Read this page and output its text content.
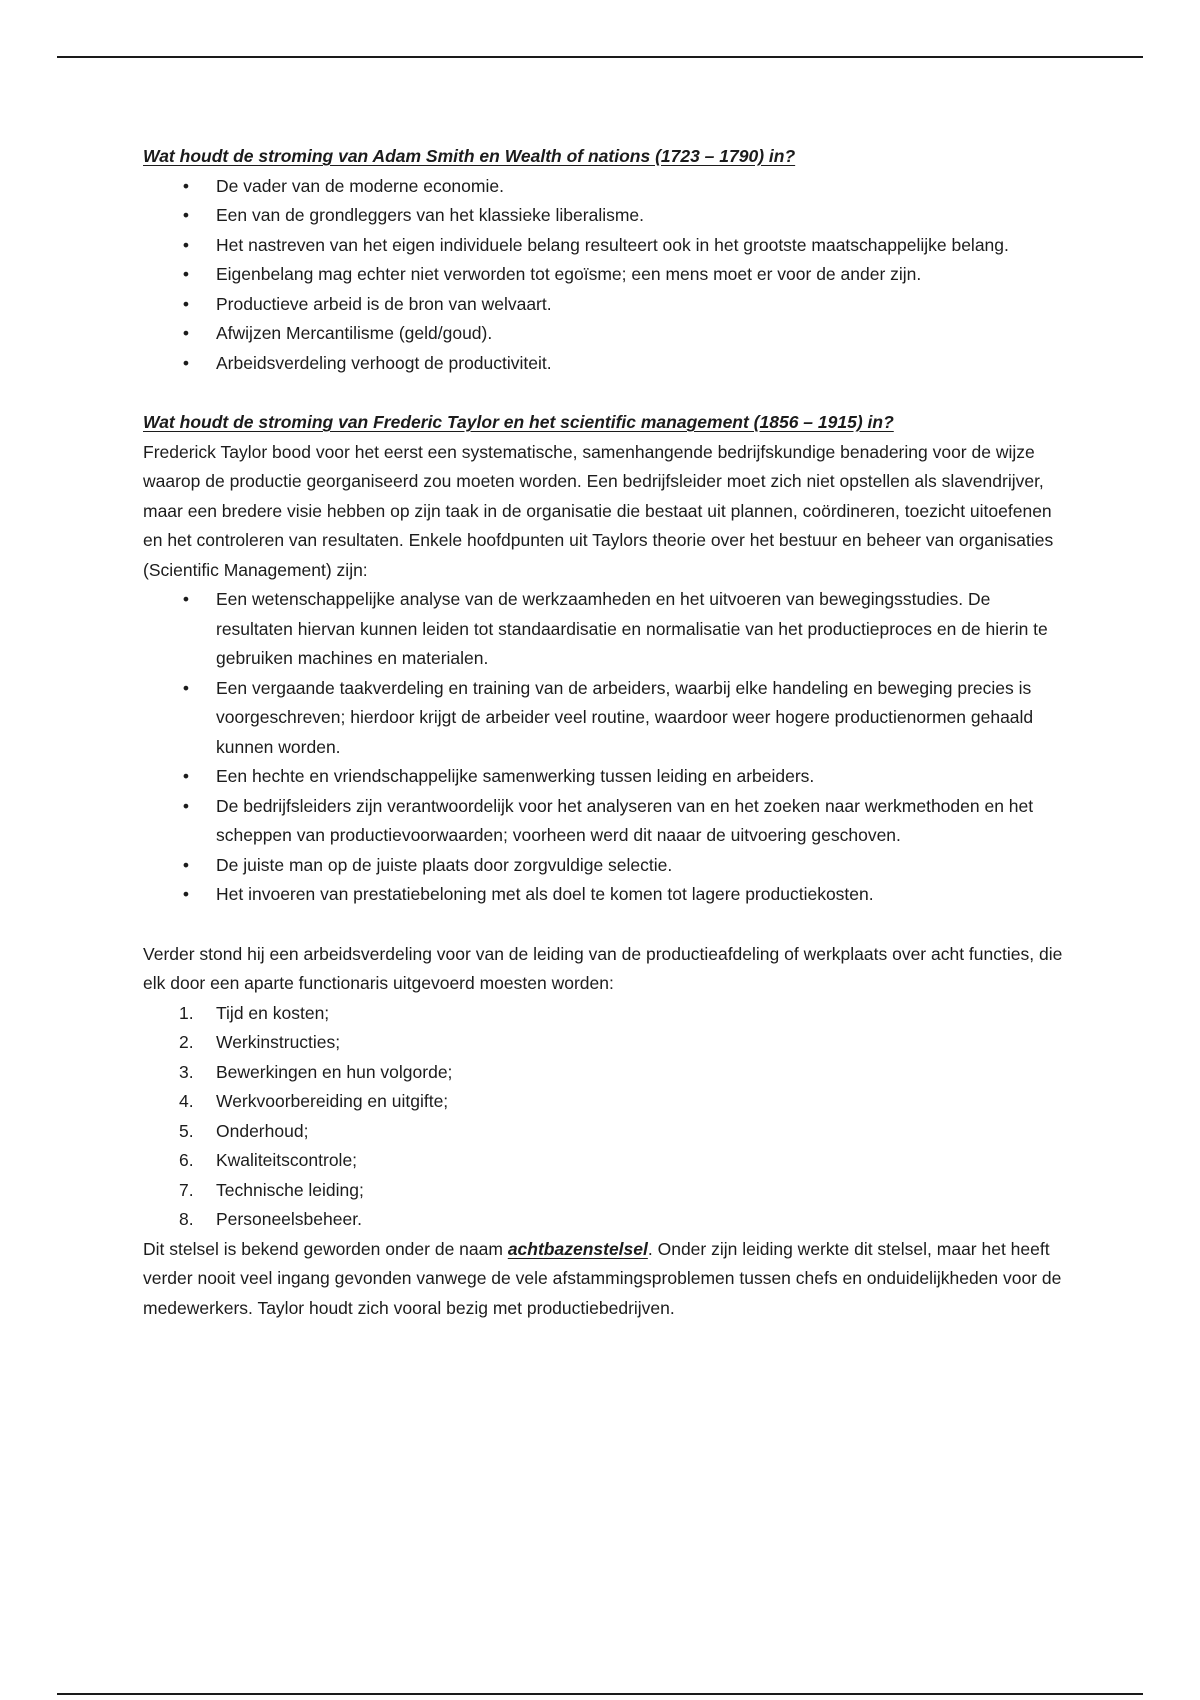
Wat houdt de stroming van Adam Smith en Wealth of nations (1723 – 1790) in?

• De vader van de moderne economie.
• Een van de grondleggers van het klassieke liberalisme.
• Het nastreven van het eigen individuele belang resulteert ook in het grootste maatschappelijke belang.
• Eigenbelang mag echter niet verworden tot egoïsme; een mens moet er voor de ander zijn.
• Productieve arbeid is de bron van welvaart.
• Afwijzen Mercantilisme (geld/goud).
• Arbeidsverdeling verhoogt de productiviteit.

Wat houdt de stroming van Frederic Taylor en het scientific management (1856 – 1915) in?

Frederick Taylor bood voor het eerst een systematische, samenhangende bedrijfskundige benadering voor de wijze waarop de productie georganiseerd zou moeten worden. Een bedrijfsleider moet zich niet opstellen als slavendrijver, maar een bredere visie hebben op zijn taak in de organisatie die bestaat uit plannen, coördineren, toezicht uitoefenen en het controleren van resultaten. Enkele hoofdpunten uit Taylors theorie over het bestuur en beheer van organisaties (Scientific Management) zijn:

• Een wetenschappelijke analyse van de werkzaamheden en het uitvoeren van bewegingsstudies. De resultaten hiervan kunnen leiden tot standaardisatie en normalisatie van het productieproces en de hierin te gebruiken machines en materialen.
• Een vergaande taakverdeling en training van de arbeiders, waarbij elke handeling en beweging precies is voorgeschreven; hierdoor krijgt de arbeider veel routine, waardoor weer hogere productienormen gehaald kunnen worden.
• Een hechte en vriendschappelijke samenwerking tussen leiding en arbeiders.
• De bedrijfsleiders zijn verantwoordelijk voor het analyseren van en het zoeken naar werkmethoden en het scheppen van productievoorwaarden; voorheen werd dit naaar de uitvoering geschoven.
• De juiste man op de juiste plaats door zorgvuldige selectie.
• Het invoeren van prestatiebeloning met als doel te komen tot lagere productiekosten.

Verder stond hij een arbeidsverdeling voor van de leiding van de productieafdeling of werkplaats over acht functies, die elk door een aparte functionaris uitgevoerd moesten worden:

1. Tijd en kosten;
2. Werkinstructies;
3. Bewerkingen en hun volgorde;
4. Werkvoorbereiding en uitgifte;
5. Onderhoud;
6. Kwaliteitscontrole;
7. Technische leiding;
8. Personeelsbeheer.

Dit stelsel is bekend geworden onder de naam achtbazenstelsel. Onder zijn leiding werkte dit stelsel, maar het heeft verder nooit veel ingang gevonden vanwege de vele afstammingsproblemen tussen chefs en onduidelijkheden voor de medewerkers. Taylor houdt zich vooral bezig met productiebedrijven.
